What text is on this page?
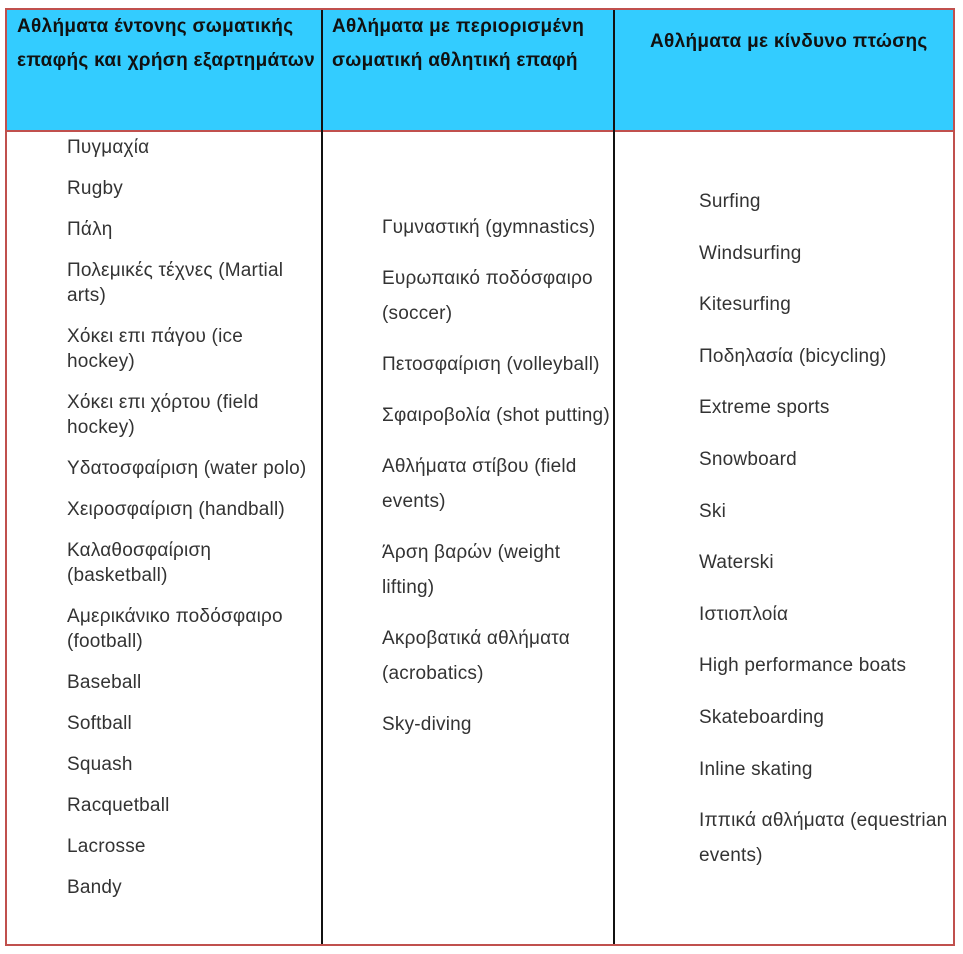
Αθλήματα έντονης σωματικής επαφής και χρήση εξαρτημάτων
Αθλήματα με περιορισμένη σωματική αθλητική επαφή
Αθλήματα με κίνδυνο πτώσης
Πυγμαχία
Rugby
Πάλη
Πολεμικές τέχνες (Martial arts)
Χόκει επι πάγου (ice hockey)
Χόκει επι χόρτου (field hockey)
Υδατοσφαίριση (water polo)
Χειροσφαίριση (handball)
Καλαθοσφαίριση (basketball)
Αμερικάνικο ποδόσφαιρο (football)
Baseball
Softball
Squash
Racquetball
Lacrosse
Bandy
Γυμναστική (gymnastics)
Ευρωπαικό ποδόσφαιρο (soccer)
Πετοσφαίριση (volleyball)
Σφαιροβολία (shot putting)
Αθλήματα στίβου (field events)
Άρση βαρών (weight lifting)
Ακροβατικά αθλήματα (acrobatics)
Sky-diving
Surfing
Windsurfing
Kitesurfing
Ποδηλασία (bicycling)
Extreme sports
Snowboard
Ski
Waterski
Ιστιοπλοία
High performance boats
Skateboarding
Inline skating
Ιππικά αθλήματα (equestrian events)
